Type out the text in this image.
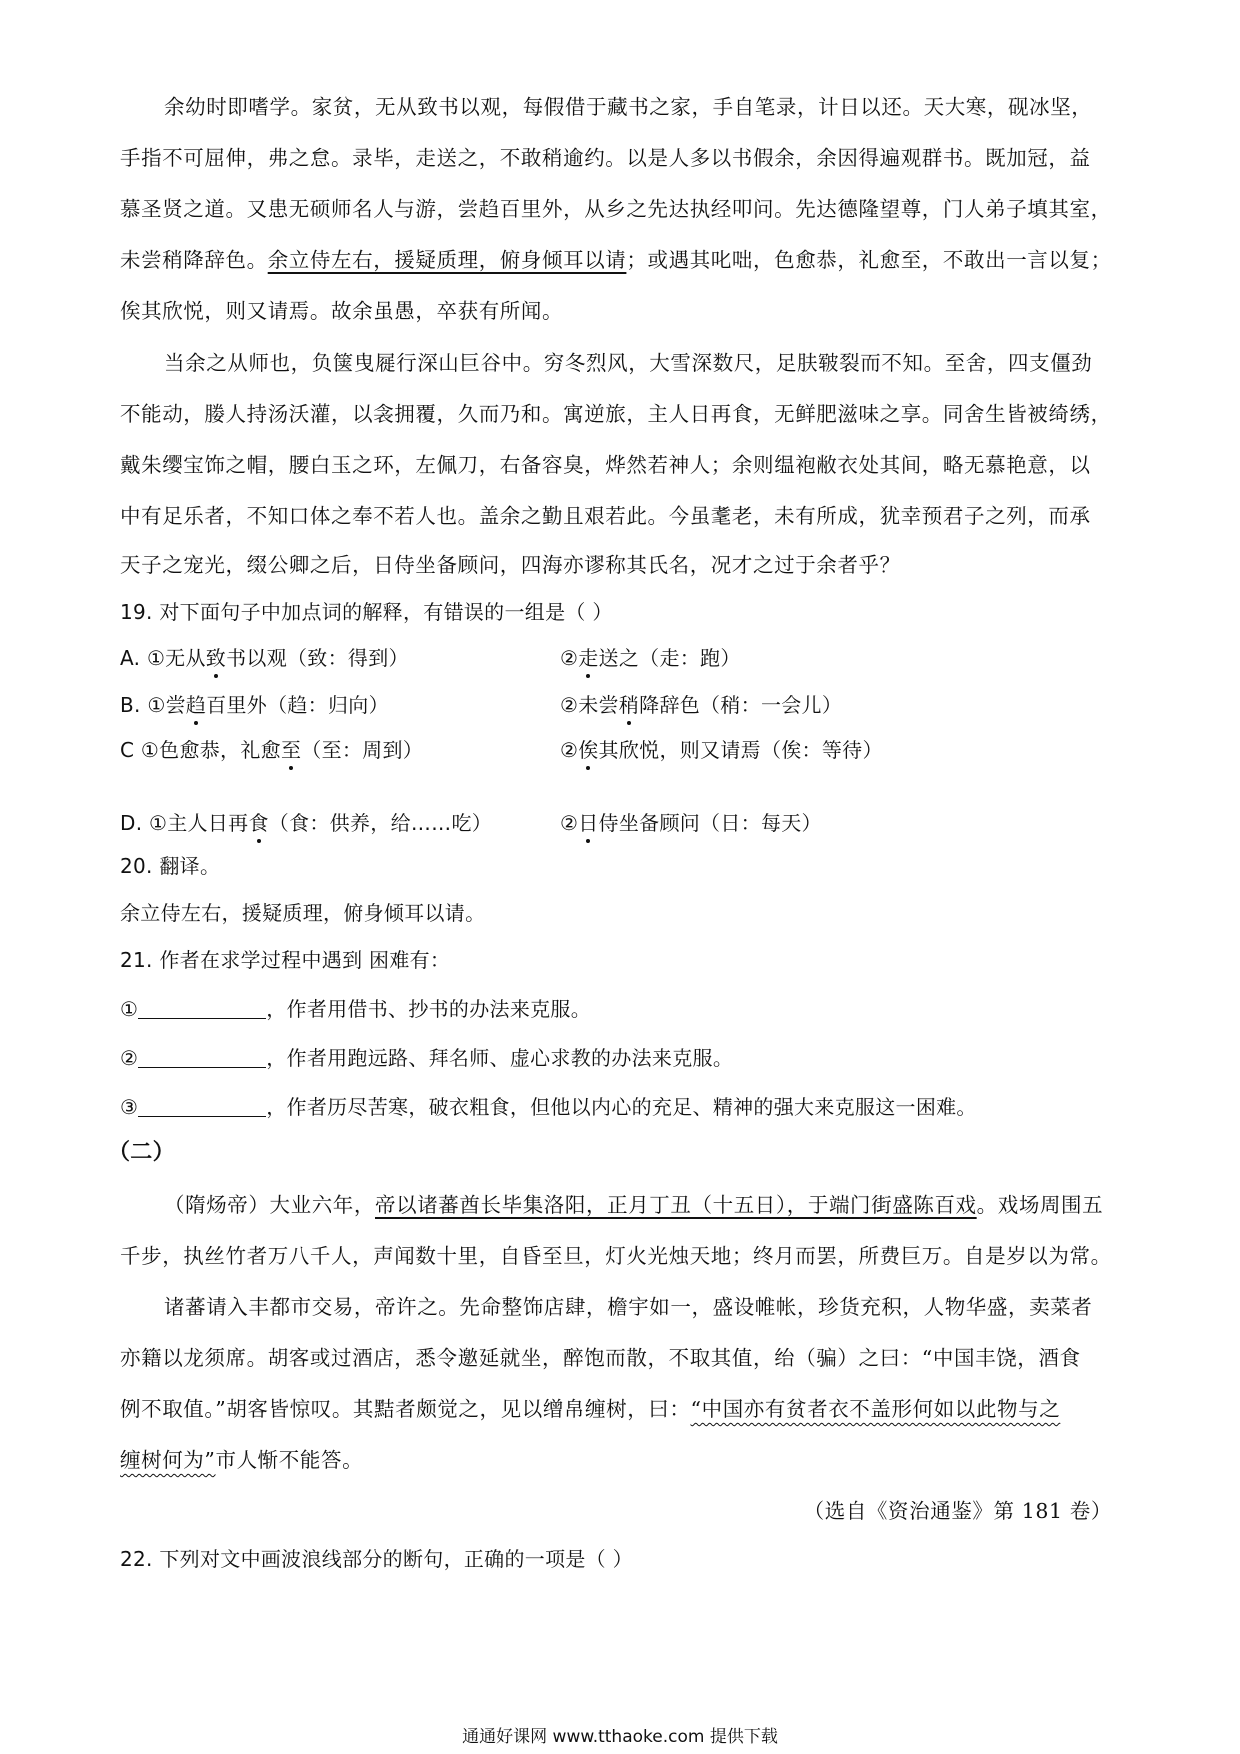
余幼时即嗜学。家贫，无从致书以观，每假借于藏书之家，手自笔录，计日以还。天大寒，砚冰坚，
手指不可屈伸，弗之怠。录毕，走送之，不敢稍逾约。以是人多以书假余，余因得遍观群书。既加冠，益
慕圣贤之道。又患无硕师名人与游，尝趋百里外，从乡之先达执经叩问。先达德隆望尊，门人弟子填其室，
未尝稍降辞色。余立侍左右，援疑质理，俯身倾耳以请；或遇其叱咄，色愈恭，礼愈至，不敢出一言以复；
俟其欣悦，则又请焉。故余虽愚，卒获有所闻。
当余之从师也，负箧曳屣行深山巨谷中。穷冬烈风，大雪深数尺，足肤皲裂而不知。至舍，四支僵劲
不能动，媵人持汤沃灌，以衾拥覆，久而乃和。寓逆旅，主人日再食，无鲜肥滋味之享。同舍生皆被绮绣，
戴朱缨宝饰之帽，腰白玉之环，左佩刀，右备容臭，烨然若神人；余则缊袍敝衣处其间，略无慕艳意，以
中有足乐者，不知口体之奉不若人也。盖余之勤且艰若此。今虽耄老，未有所成，犹幸预君子之列，而承
天子之宠光，缀公卿之后，日侍坐备顾问，四海亦谬称其氏名，况才之过于余者乎？
19. 对下面句子中加点词的解释，有错误的一组是（ ）
A. ①无从致书以观（致：得到）	②走送之（走：跑）
B. ①尝趋百里外（趋：归向）	②未尝稍降辞色（稍：一会儿）
C ①色愈恭，礼愈至（至：周到）	②俟其欣悦，则又请焉（俟：等待）
D. ①主人日再食（食：供养，给……吃）	②日侍坐备顾问（日：每天）
20. 翻译。
余立侍左右，援疑质理，俯身倾耳以请。
21. 作者在求学过程中遇到 困难有：
①	，作者用借书、抄书的办法来克服。
②	，作者用跑远路、拜名师、虚心求教的办法来克服。
③	，作者历尽苦寒，破衣粗食，但他以内心的充足、精神的强大来克服这一困难。
（二）
（隋炀帝）大业六年，帝以诸蕃酋长毕集洛阳，正月丁丑（十五日），于端门街盛陈百戏。戏场周围五
千步，执丝竹者万八千人，声闻数十里，自昏至旦，灯火光烛天地；终月而罢，所费巨万。自是岁以为常。
诸蕃请入丰都市交易，帝许之。先命整饰店肆，檐宇如一，盛设帷帐，珍货充积，人物华盛，卖菜者
亦籍以龙须席。胡客或过酒店，悉令邀延就坐，醉饱而散，不取其值，绐（骗）之曰：“中国丰饶，酒食
例不取值。”胡客皆惊叹。其黠者颇觉之，见以缯帛缠树，曰：“中国亦有贫者衣不盖形何如以此物与之
缠树何为”市人惭不能答。
（选自《资治通鉴》第 181 卷）
22. 下列对文中画波浪线部分的断句，正确的一项是（ ）
通通好课网 www.tthaoke.com 提供下载
